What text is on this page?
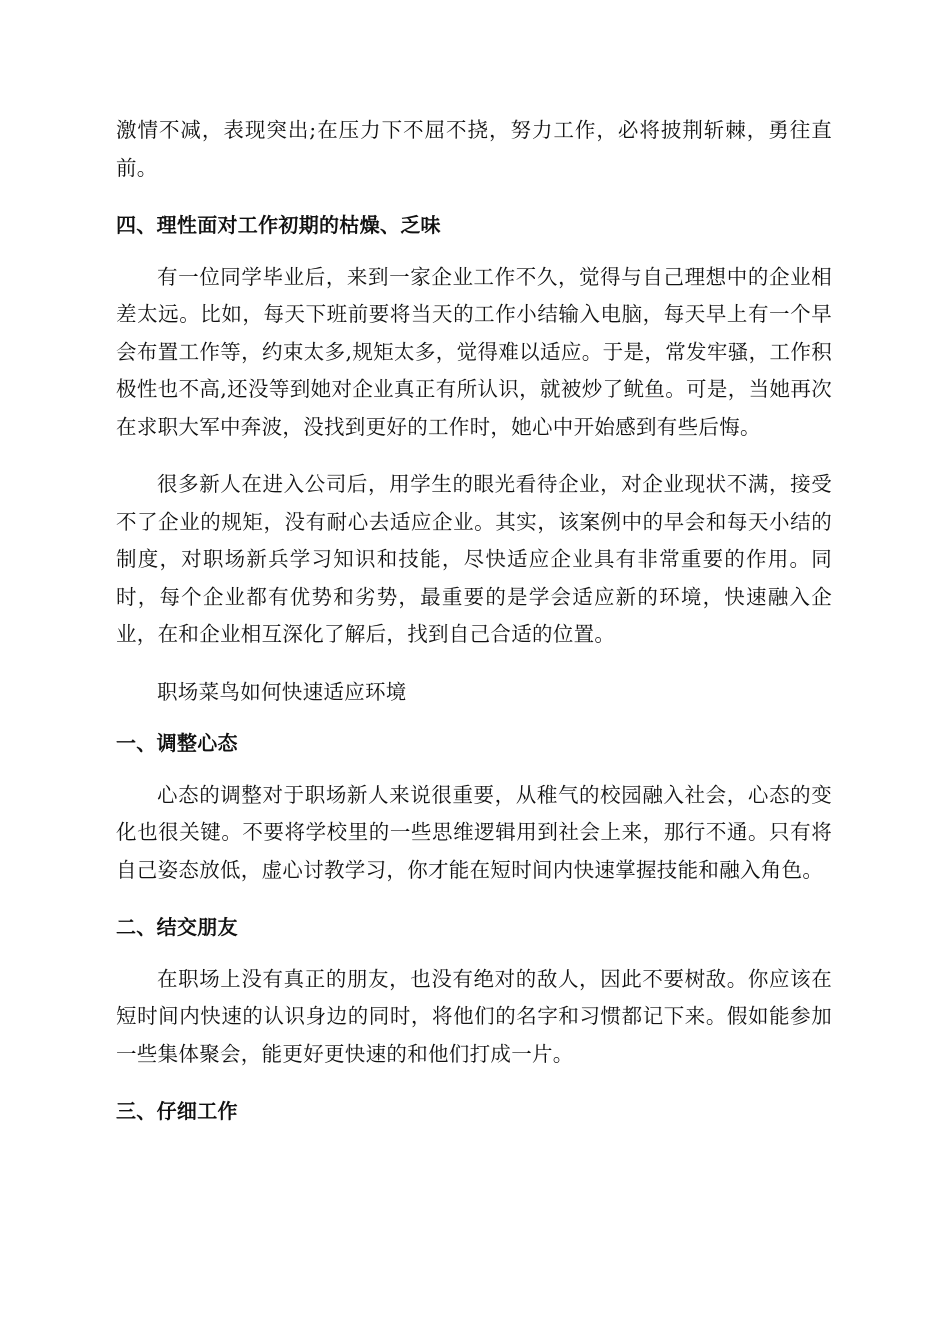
激情不减，表现突出;在压力下不屈不挠，努力工作，必将披荆斩棘，勇往直前。

四、理性面对工作初期的枯燥、乏味

有一位同学毕业后，来到一家企业工作不久，觉得与自己理想中的企业相差太远。比如，每天下班前要将当天的工作小结输入电脑，每天早上有一个早会布置工作等，约束太多,规矩太多，觉得难以适应。于是，常发牢骚，工作积极性也不高,还没等到她对企业真正有所认识，就被炒了鱿鱼。可是，当她再次在求职大军中奔波，没找到更好的工作时，她心中开始感到有些后悔。

很多新人在进入公司后，用学生的眼光看待企业，对企业现状不满，接受不了企业的规矩，没有耐心去适应企业。其实，该案例中的早会和每天小结的制度，对职场新兵学习知识和技能，尽快适应企业具有非常重要的作用。同时，每个企业都有优势和劣势，最重要的是学会适应新的环境，快速融入企业，在和企业相互深化了解后，找到自己合适的位置。

职场菜鸟如何快速适应环境

一、调整心态

心态的调整对于职场新人来说很重要，从稚气的校园融入社会，心态的变化也很关键。不要将学校里的一些思维逻辑用到社会上来，那行不通。只有将自己姿态放低，虚心讨教学习，你才能在短时间内快速掌握技能和融入角色。

二、结交朋友

在职场上没有真正的朋友，也没有绝对的敌人，因此不要树敌。你应该在短时间内快速的认识身边的同时，将他们的名字和习惯都记下来。假如能参加一些集体聚会，能更好更快速的和他们打成一片。

三、仔细工作
